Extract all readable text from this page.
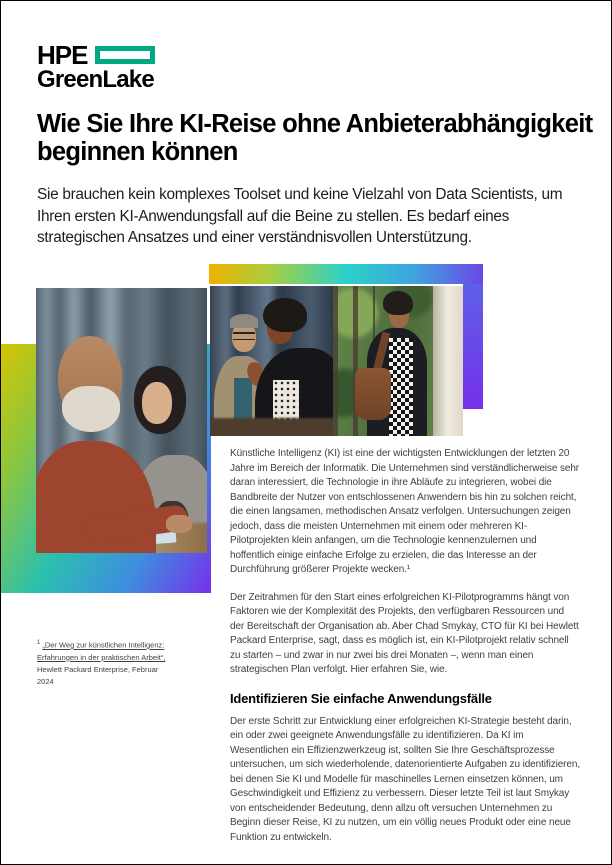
HPE
GreenLake
Wie Sie Ihre KI-Reise ohne Anbieterabhängigkeit beginnen können
Sie brauchen kein komplexes Toolset und keine Vielzahl von Data Scientists, um Ihren ersten KI-Anwendungsfall auf die Beine zu stellen. Es bedarf eines strategischen Ansatzes und einer verständnisvollen Unterstützung.

Künstliche Intelligenz (KI) ist eine der wichtigsten Entwicklungen der letzten 20 Jahre im Bereich der Informatik. Die Unternehmen sind verständlicherweise sehr daran interessiert, die Technologie in ihre Abläufe zu integrieren, wobei die Bandbreite der Nutzer von entschlossenen Anwendern bis hin zu solchen reicht, die einen langsamen, methodischen Ansatz verfolgen. Untersuchungen zeigen jedoch, dass die meisten Unternehmen mit einem oder mehreren KI-Pilotprojekten klein anfangen, um die Technologie kennenzulernen und hoffentlich einige einfache Erfolge zu erzielen, die das Interesse an der Durchführung größerer Projekte wecken.¹

Der Zeitrahmen für den Start eines erfolgreichen KI-Pilotprogramms hängt von Faktoren wie der Komplexität des Projekts, den verfügbaren Ressourcen und der Bereitschaft der Organisation ab. Aber Chad Smykay, CTO für KI bei Hewlett Packard Enterprise, sagt, dass es möglich ist, ein KI-Pilotprojekt relativ schnell zu starten – und zwar in nur zwei bis drei Monaten –, wenn man einen strategischen Plan verfolgt. Hier erfahren Sie, wie.

Identifizieren Sie einfache Anwendungsfälle

Der erste Schritt zur Entwicklung einer erfolgreichen KI-Strategie besteht darin, ein oder zwei geeignete Anwendungsfälle zu identifizieren. Da KI im Wesentlichen ein Effizienzwerkzeug ist, sollten Sie Ihre Geschäftsprozesse untersuchen, um sich wiederholende, datenorientierte Aufgaben zu identifizieren, bei denen Sie KI und Modelle für maschinelles Lernen einsetzen können, um Geschwindigkeit und Effizienz zu verbessern. Dieser letzte Teil ist laut Smykay von entscheidender Bedeutung, denn allzu oft versuchen Unternehmen zu Beginn dieser Reise, KI zu nutzen, um ein völlig neues Produkt oder eine neue Funktion zu entwickeln.

$^1$ „Der Weg zur künstlichen Intelligenz: Erfahrungen in der praktischen Arbeit“, Hewlett Packard Enterprise, Februar 2024
